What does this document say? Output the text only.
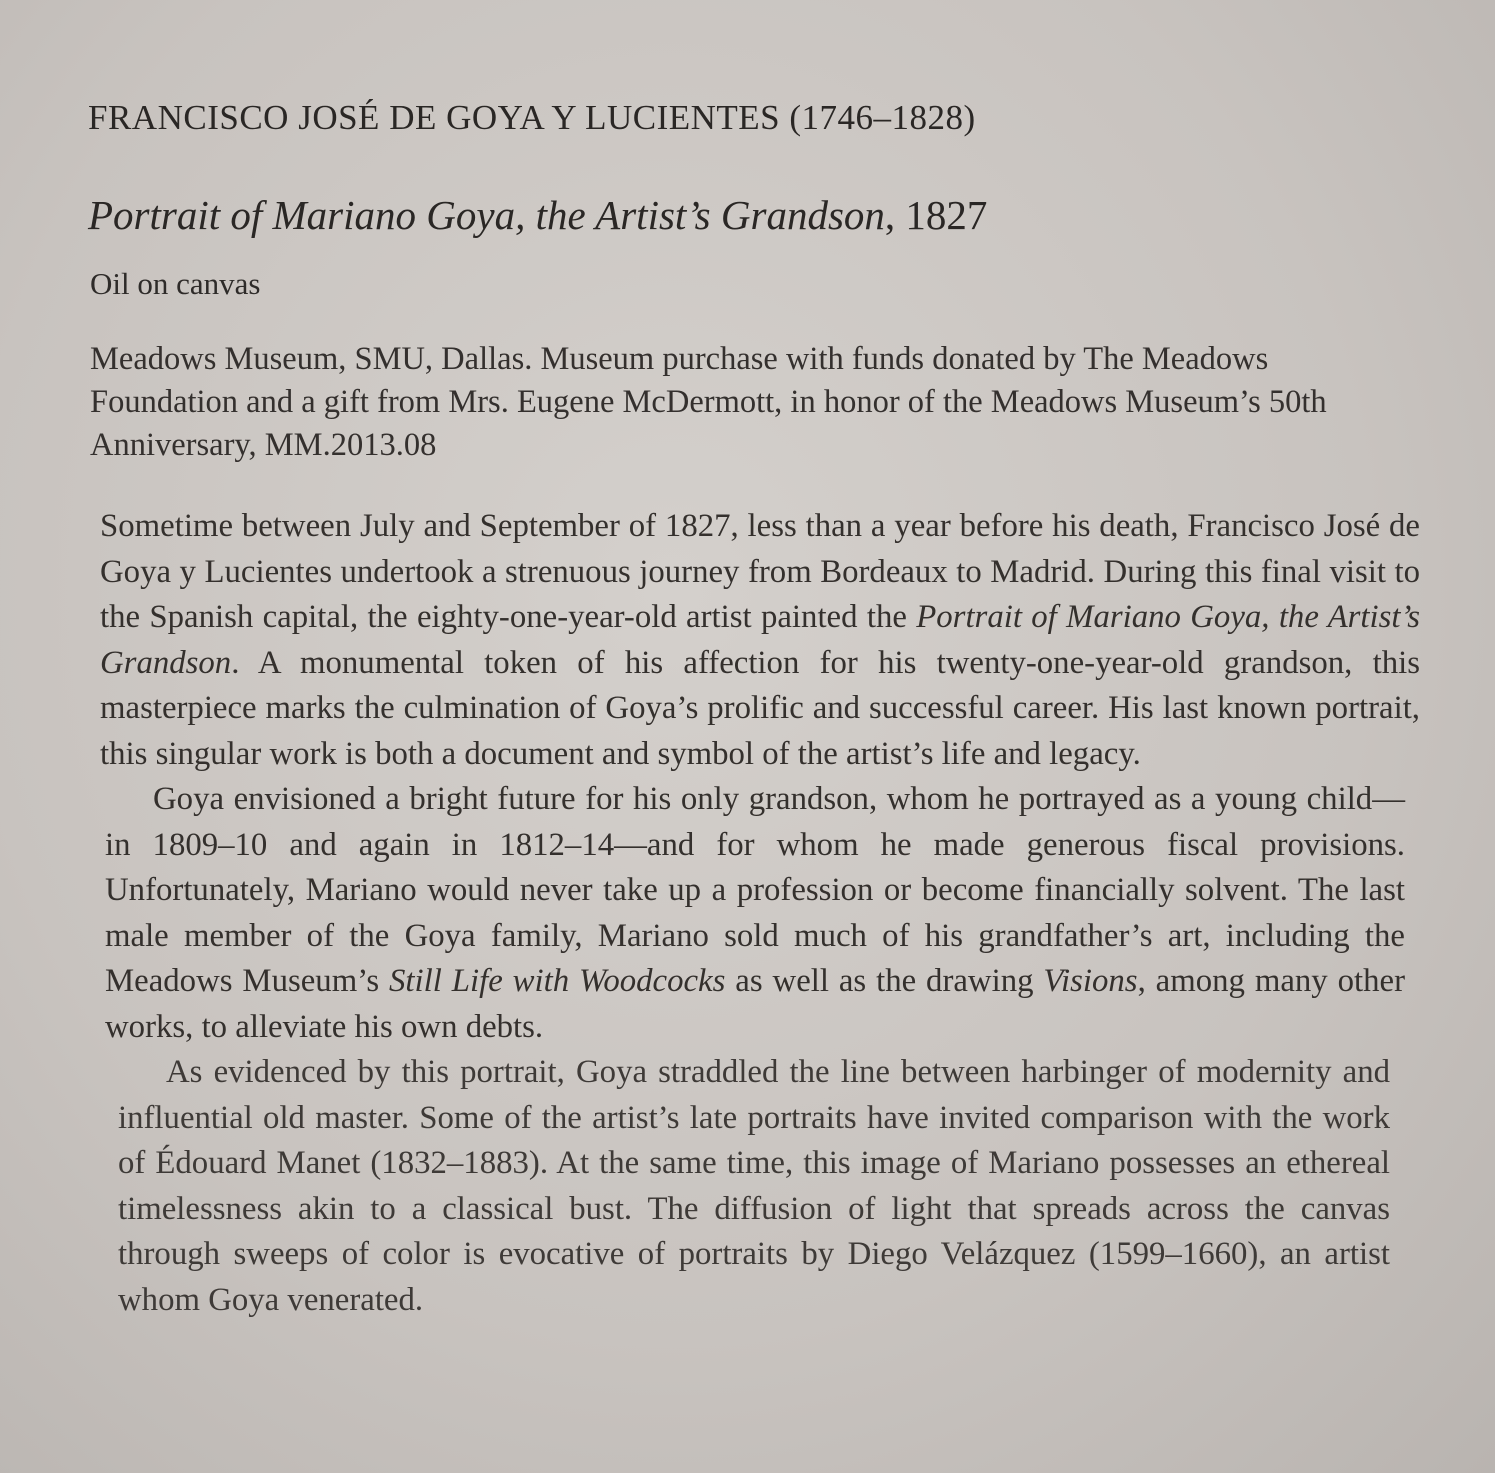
FRANCISCO JOSÉ DE GOYA Y LUCIENTES (1746–1828)
Portrait of Mariano Goya, the Artist’s Grandson, 1827
Oil on canvas
Meadows Museum, SMU, Dallas. Museum purchase with funds donated by The Meadows Foundation and a gift from Mrs. Eugene McDermott, in honor of the Meadows Museum’s 50th Anniversary, MM.2013.08

Sometime between July and September of 1827, less than a year before his death, Francisco José de Goya y Lucientes undertook a strenuous journey from Bordeaux to Madrid. During this final visit to the Spanish capital, the eighty-one-year-old artist painted the Portrait of Mariano Goya, the Artist’s Grandson. A monumental token of his affection for his twenty-one-year-old grandson, this masterpiece marks the culmination of Goya’s prolific and successful career. His last known portrait, this singular work is both a document and symbol of the artist’s life and legacy.

Goya envisioned a bright future for his only grandson, whom he portrayed as a young child—in 1809–10 and again in 1812–14—and for whom he made generous fiscal provisions. Unfortunately, Mariano would never take up a profession or become financially solvent. The last male member of the Goya family, Mariano sold much of his grandfather’s art, including the Meadows Museum’s Still Life with Woodcocks as well as the drawing Visions, among many other works, to alleviate his own debts.

As evidenced by this portrait, Goya straddled the line between harbinger of modernity and influential old master. Some of the artist’s late portraits have invited comparison with the work of Édouard Manet (1832–1883). At the same time, this image of Mariano possesses an ethereal timelessness akin to a classical bust. The diffusion of light that spreads across the canvas through sweeps of color is evocative of portraits by Diego Velázquez (1599–1660), an artist whom Goya venerated.
